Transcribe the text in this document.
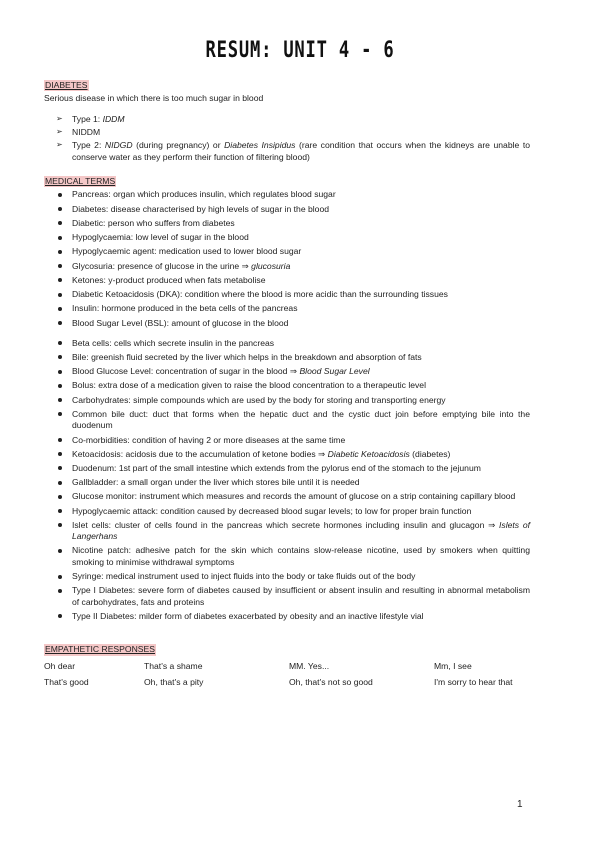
RESUM: UNIT 4 - 6
DIABETES
Serious disease in which there is too much sugar in blood
➢ Type 1: IDDM
➢ NIDDM
➢ Type 2: NIDGD (during pregnancy) or Diabetes Insipidus (rare condition that occurs when the kidneys are unable to conserve water as they perform their function of filtering blood)
MEDICAL TERMS
Pancreas: organ which produces insulin, which regulates blood sugar
Diabetes: disease characterised by high levels of sugar in the blood
Diabetic: person who suffers from diabetes
Hypoglycaemia: low level of sugar in the blood
Hypoglycaemic agent: medication used to lower blood sugar
Glycosuria: presence of glucose in the urine ⇒ glucosuria
Ketones: y-product produced when fats metabolise
Diabetic Ketoacidosis (DKA): condition where the blood is more acidic than the surrounding tissues
Insulin: hormone produced in the beta cells of the pancreas
Blood Sugar Level (BSL): amount of glucose in the blood
Beta cells: cells which secrete insulin in the pancreas
Bile: greenish fluid secreted by the liver which helps in the breakdown and absorption of fats
Blood Glucose Level: concentration of sugar in the blood ⇒ Blood Sugar Level
Bolus: extra dose of a medication given to raise the blood concentration to a therapeutic level
Carbohydrates: simple compounds which are used by the body for storing and transporting energy
Common bile duct: duct that forms when the hepatic duct and the cystic duct join before emptying bile into the duodenum
Co-morbidities: condition of having 2 or more diseases at the same time
Ketoacidosis: acidosis due to the accumulation of ketone bodies ⇒ Diabetic Ketoacidosis (diabetes)
Duodenum: 1st part of the small intestine which extends from the pylorus end of the stomach to the jejunum
Gallbladder: a small organ under the liver which stores bile until it is needed
Glucose monitor: instrument which measures and records the amount of glucose on a strip containing capillary blood
Hypoglycaemic attack: condition caused by decreased blood sugar levels; to low for proper brain function
Islet cells: cluster of cells found in the pancreas which secrete hormones including insulin and glucagon ⇒ Islets of Langerhans
Nicotine patch: adhesive patch for the skin which contains slow-release nicotine, used by smokers when quitting smoking to minimise withdrawal symptoms
Syringe: medical instrument used to inject fluids into the body or take fluids out of the body
Type I Diabetes: severe form of diabetes caused by insufficient or absent insulin and resulting in abnormal metabolism of carbohydrates, fats and proteins
Type II Diabetes: milder form of diabetes exacerbated by obesity and an inactive lifestyle vial
EMPATHETIC RESPONSES
Oh dear	That's a shame	MM. Yes...	Mm, I see
That's good	Oh, that's a pity	Oh, that's not so good	I'm sorry to hear that
1
